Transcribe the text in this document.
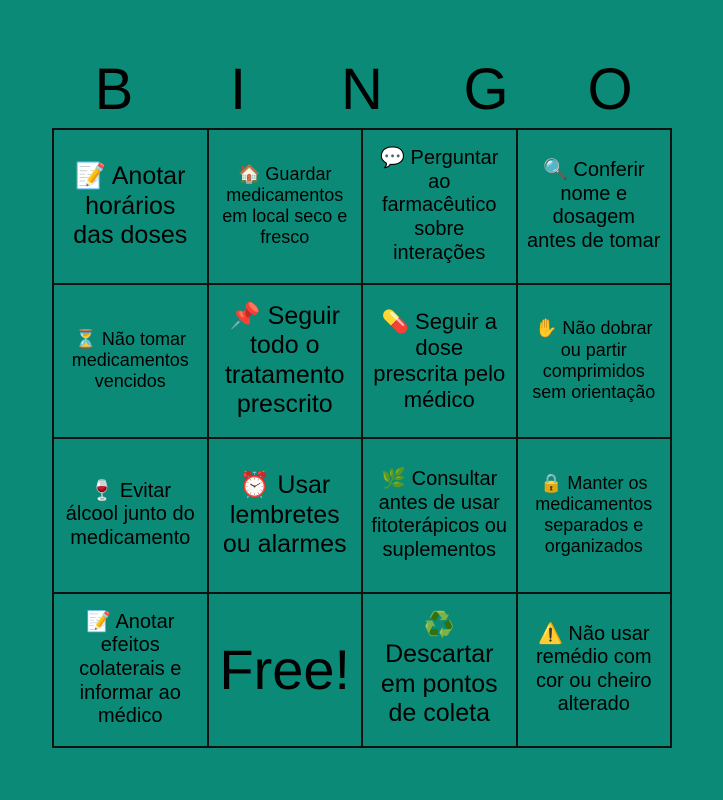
B	I	N	G	O
📝 Anotar horários das doses
🏠 Guardar medicamentos em local seco e fresco
💬 Perguntar ao farmacêutico sobre interações
🔍 Conferir nome e dosagem antes de tomar
⏳ Não tomar medicamentos vencidos
📌 Seguir todo o tratamento prescrito
💊 Seguir a dose prescrita pelo médico
✋ Não dobrar ou partir comprimidos sem orientação
🍷 Evitar álcool junto do medicamento
⏰ Usar lembretes ou alarmes
🌿 Consultar antes de usar fitoterápicos ou suplementos
🔒 Manter os medicamentos separados e organizados
📝 Anotar efeitos colaterais e informar ao médico
Free!
♻️ Descartar em pontos de coleta
⚠️ Não usar remédio com cor ou cheiro alterado
